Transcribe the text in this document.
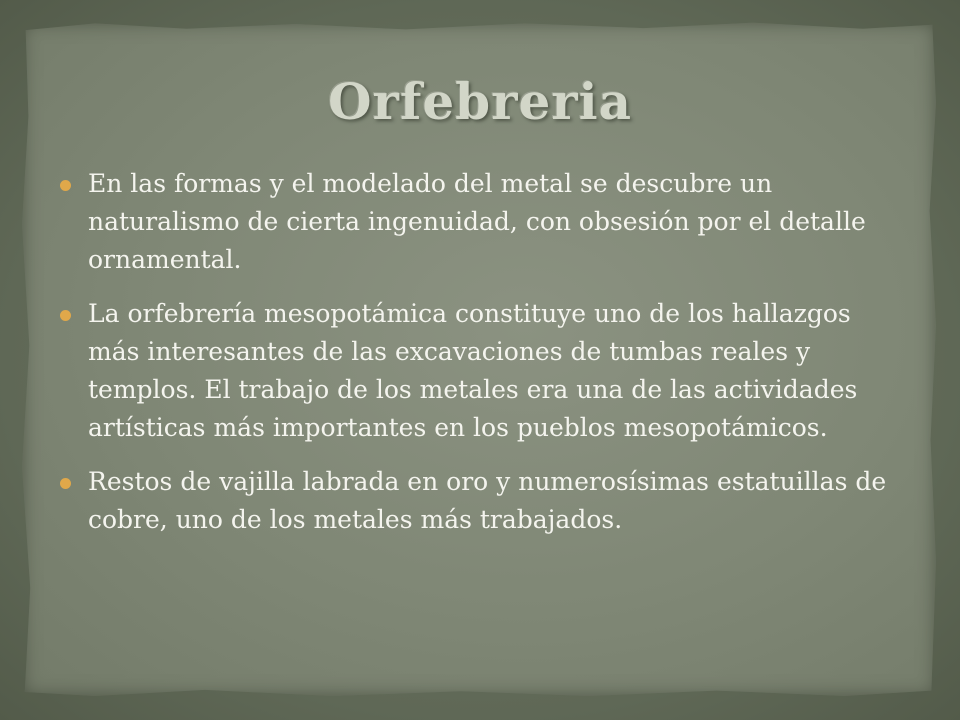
Orfebreria
En las formas y el modelado del metal se descubre un naturalismo de cierta ingenuidad, con obsesión por el detalle ornamental.
La orfebrería mesopotámica constituye uno de los hallazgos más interesantes de las excavaciones de tumbas reales y templos. El trabajo de los metales era una de las actividades artísticas más importantes en los pueblos mesopotámicos.
Restos de vajilla labrada en oro y numerosísimas estatuillas de cobre, uno de los metales más trabajados.
